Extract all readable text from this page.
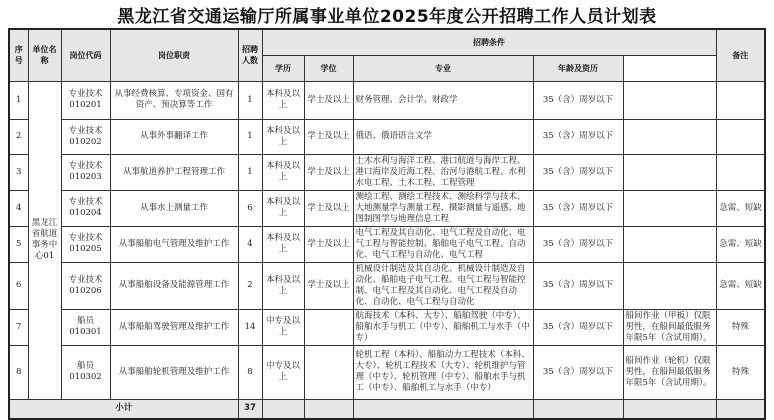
黑龙江省交通运输厅所属事业单位2025年度公开招聘工作人员计划表
序号	单位名称	岗位代码	岗位职责	招聘人数	招聘条件					备注
					学历	学位	专业	年龄及资历		
1	黑龙江省航道事务中心01	专业技术010201	从事经费核算、专项资金、国有资产、预决算等工作	1	本科及以上	学士及以上	财务管理、会计学、财政学	35（含）周岁以下		
2		专业技术010202	从事外事翻译工作	1	本科及以上	学士及以上	俄语、俄语语言文学	35（含）周岁以下		
3		专业技术010203	从事航道养护工程管理工作	1	本科及以上	学士及以上	土木水利与海洋工程、港口航道与海岸工程、港口海岸及近海工程、治河与港航工程、水利水电工程、土木工程、工程管理	35（含）周岁以下		
4		专业技术010204	从事水上测量工作	6	本科及以上	学士及以上	测绘工程、测绘工程技术、测绘科学与技术、大地测量学与测量工程、摄影测量与遥感、地图制图学与地理信息工程	35（含）周岁以下		急需、短缺
5		专业技术010205	从事船舶电气管理及维护工作	4	本科及以上	学士及以上	电气工程及其自动化、电气工程及自动化、电气工程与智能控制、船舶电子电气工程、自动化、电气工程与自动化、电气工程	35（含）周岁以下		急需、短缺
6		专业技术010206	从事船舶设备及能源管理工作	2	本科及以上	学士及以上	机械设计制造及其自动化、机械设计制造及自动化、船舶电子电气工程、电气工程与智能控制、电气工程及其自动化、电气工程及自动化、自动化、电气工程与自动化	35（含）周岁以下		急需、短缺
7		船员010301	从事船舶驾驶管理及维护工作	14	中专及以上		航海技术（本科、大专）、船舶驾驶（中专）、船舶水手与机工（中专）、船舶机工与水手（中专）	35（含）周岁以下	船间作业（甲板）仅限男性，在船间最低服务年限5年（含试用期）。	特殊
8		船员010302	从事船舶轮机管理及维护工作	8	中专及以上		轮机工程（本科）、船舶动力工程技术（本科、大专）、轮机工程技术（大专）、轮机维护与管理（中专）、轮机管理（中专）、船舶水手与机工（中专）、船舶机工与水手（中专）	35（含）周岁以下	船间作业（轮机）仅限男性，在船间最低服务年限5年（含试用期）。	特殊
小计				37						
